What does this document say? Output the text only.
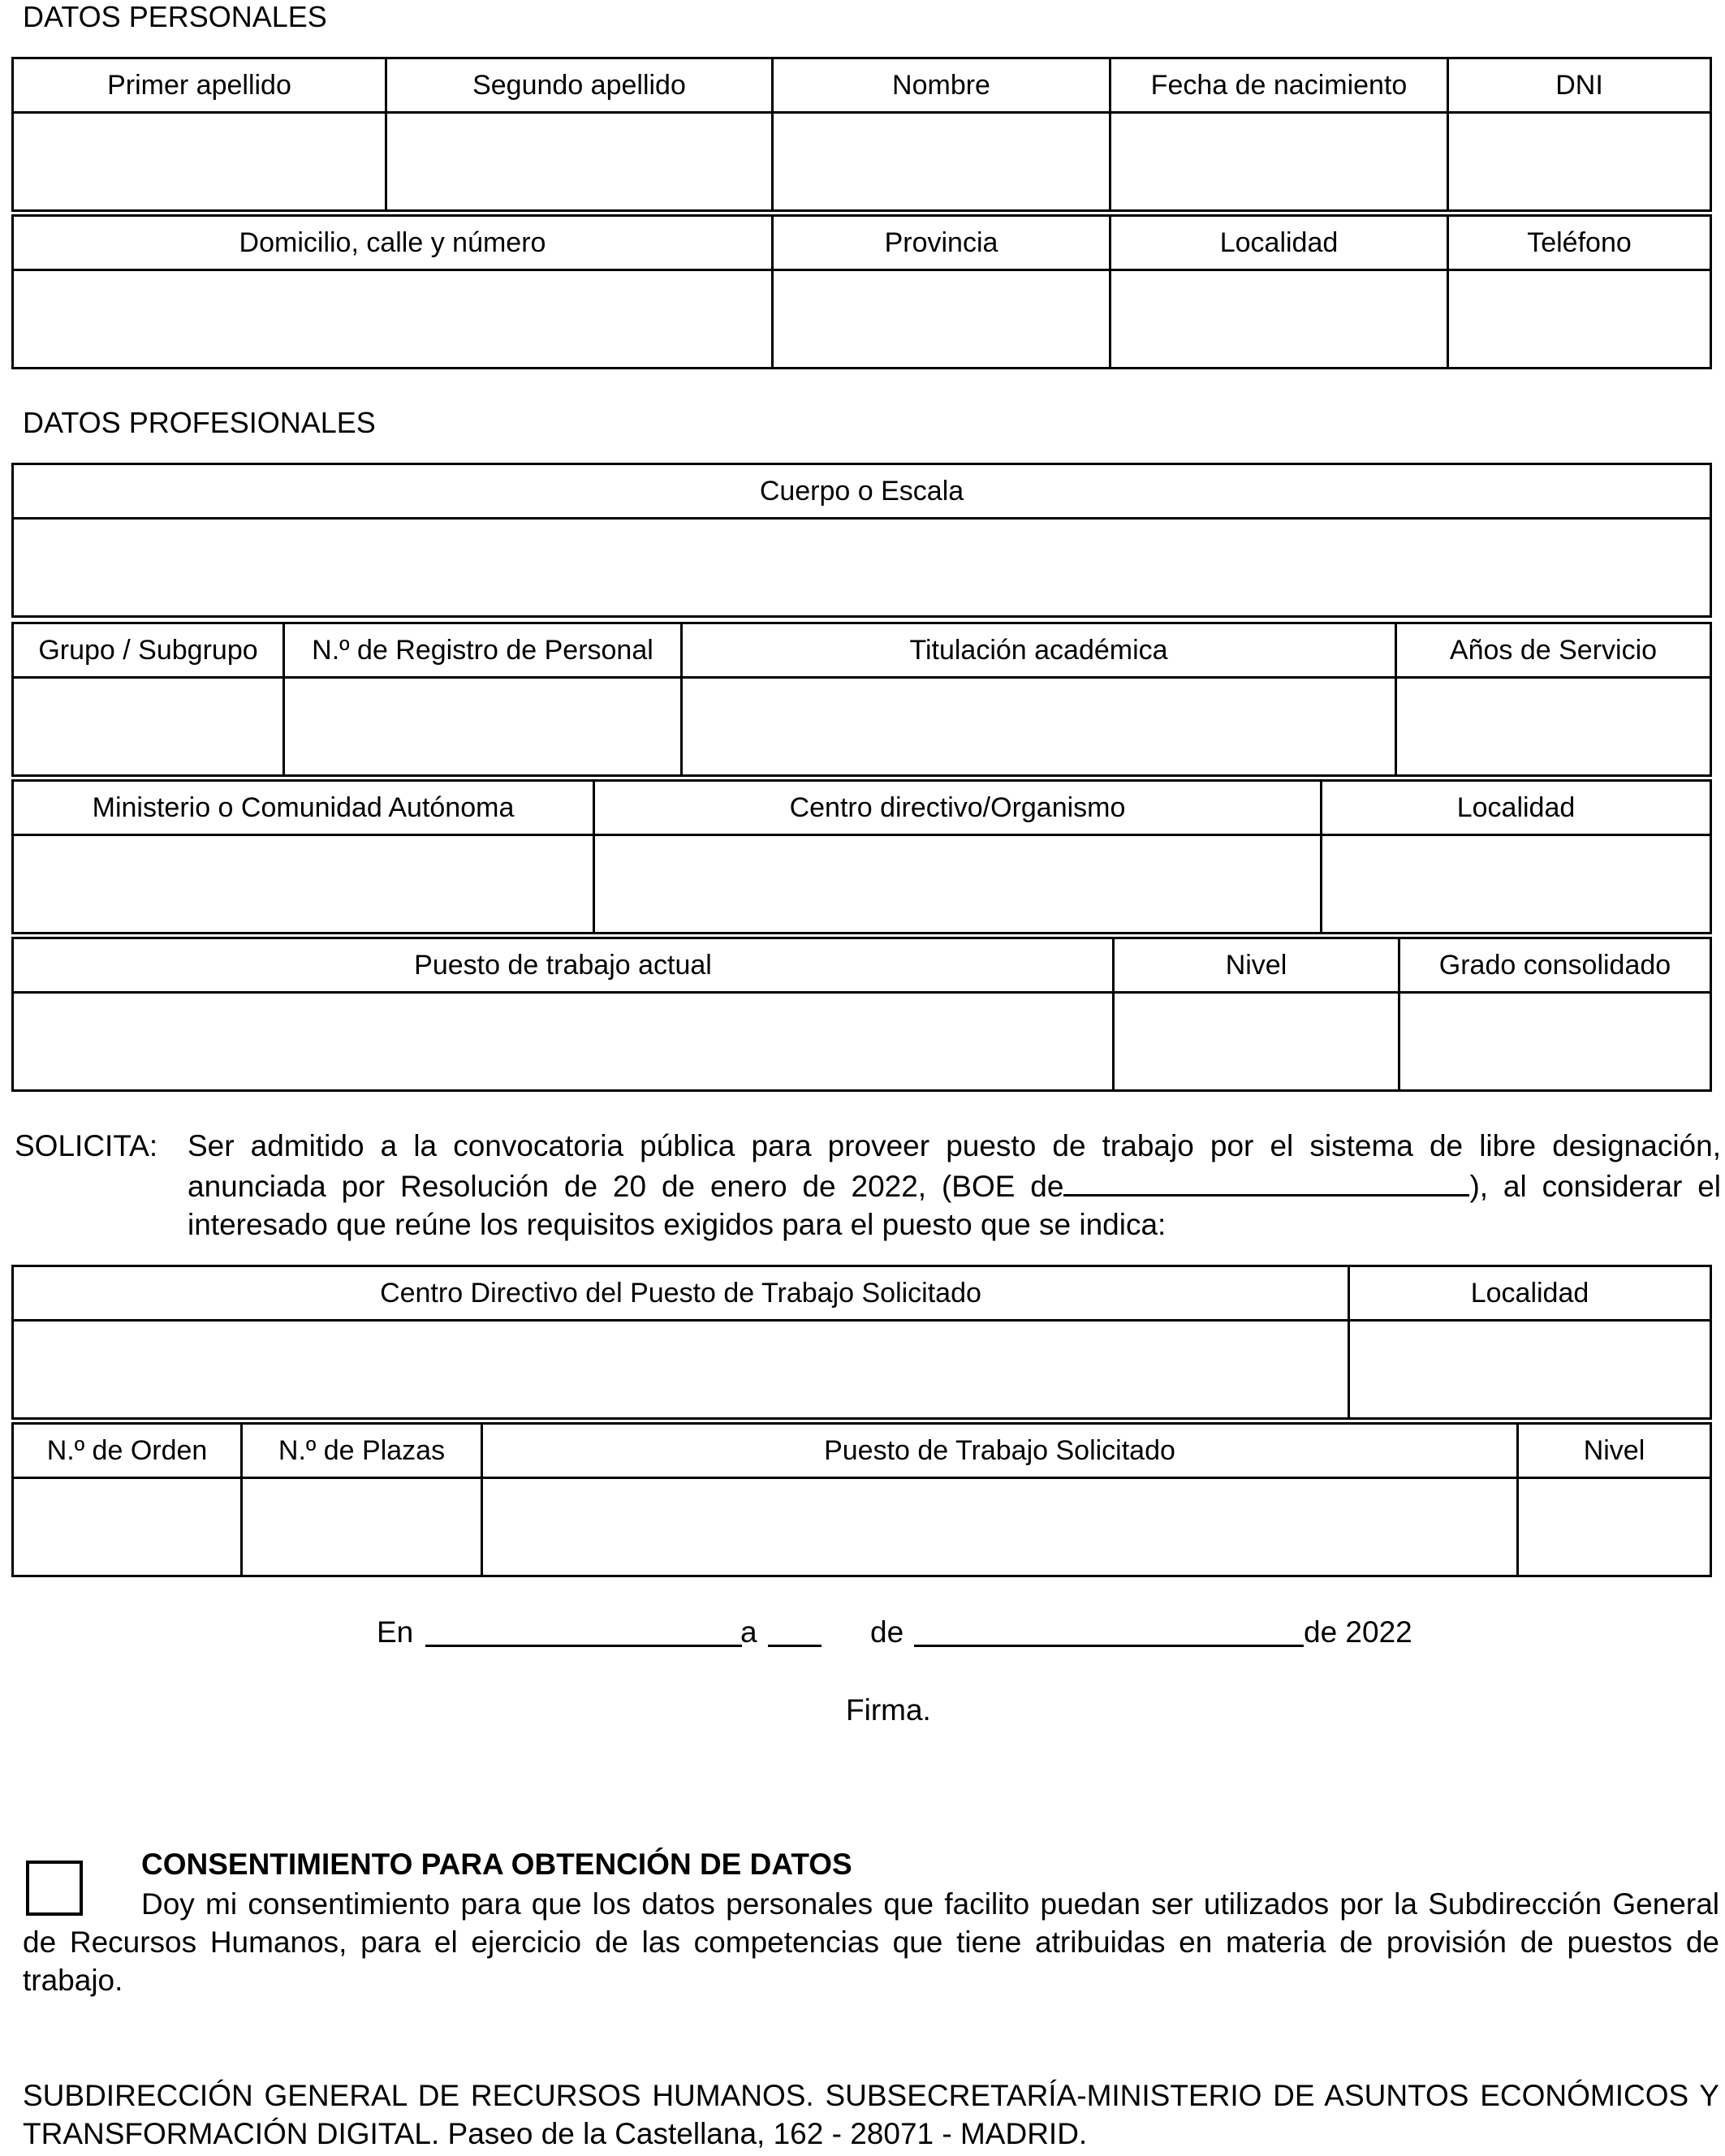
DATOS PERSONALES
Primer apellido	Segundo apellido	Nombre	Fecha de nacimiento	DNI

Domicilio, calle y número	Provincia	Localidad	Teléfono

DATOS PROFESIONALES
Cuerpo o Escala

Grupo / Subgrupo	N.º de Registro de Personal	Titulación académica	Años de Servicio

Ministerio o Comunidad Autónoma	Centro directivo/Organismo	Localidad

Puesto de trabajo actual	Nivel	Grado consolidado

SOLICITA: Ser admitido a la convocatoria pública para proveer puesto de trabajo por el sistema de libre designación, anunciada por Resolución de 20 de enero de 2022, (BOE de	), al considerar el interesado que reúne los requisitos exigidos para el puesto que se indica:
Centro Directivo del Puesto de Trabajo Solicitado	Localidad

N.º de Orden	N.º de Plazas	Puesto de Trabajo Solicitado	Nivel

En	a	de	de 2022
Firma.
CONSENTIMIENTO PARA OBTENCIÓN DE DATOS
Doy mi consentimiento para que los datos personales que facilito puedan ser utilizados por la Subdirección General de Recursos Humanos, para el ejercicio de las competencias que tiene atribuidas en materia de provisión de puestos de trabajo.
SUBDIRECCIÓN GENERAL DE RECURSOS HUMANOS. SUBSECRETARÍA-MINISTERIO DE ASUNTOS ECONÓMICOS Y TRANSFORMACIÓN DIGITAL. Paseo de la Castellana, 162 - 28071 - MADRID.
